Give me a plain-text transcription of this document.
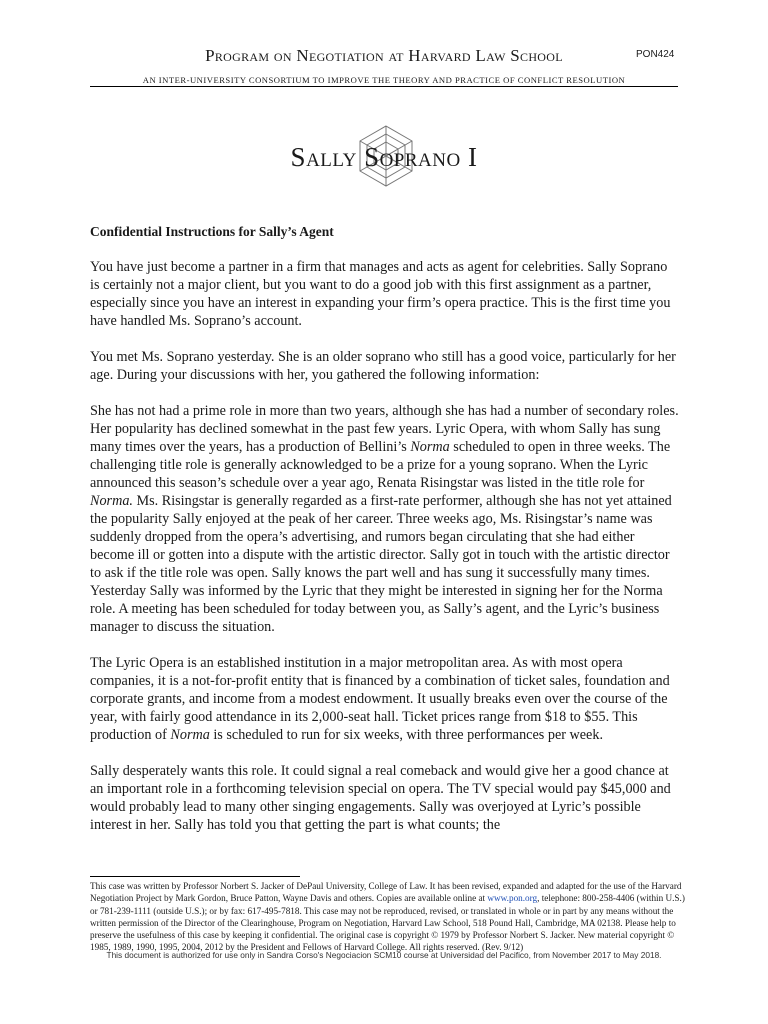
Program on Negotiation at Harvard Law School	PON424
AN INTER-UNIVERSITY CONSORTIUM TO IMPROVE THE THEORY AND PRACTICE OF CONFLICT RESOLUTION
Sally Soprano I
Confidential Instructions for Sally’s Agent

You have just become a partner in a firm that manages and acts as agent for celebrities. Sally Soprano is certainly not a major client, but you want to do a good job with this first assignment as a partner, especially since you have an interest in expanding your firm’s opera practice. This is the first time you have handled Ms. Soprano’s account.

You met Ms. Soprano yesterday. She is an older soprano who still has a good voice, particularly for her age. During your discussions with her, you gathered the following information:

She has not had a prime role in more than two years, although she has had a number of secondary roles. Her popularity has declined somewhat in the past few years. Lyric Opera, with whom Sally has sung many times over the years, has a production of Bellini’s Norma scheduled to open in three weeks. The challenging title role is generally acknowledged to be a prize for a young soprano. When the Lyric announced this season’s schedule over a year ago, Renata Risingstar was listed in the title role for Norma. Ms. Risingstar is generally regarded as a first-rate performer, although she has not yet attained the popularity Sally enjoyed at the peak of her career. Three weeks ago, Ms. Risingstar’s name was suddenly dropped from the opera’s advertising, and rumors began circulating that she had either become ill or gotten into a dispute with the artistic director. Sally got in touch with the artistic director to ask if the title role was open. Sally knows the part well and has sung it successfully many times. Yesterday Sally was informed by the Lyric that they might be interested in signing her for the Norma role. A meeting has been scheduled for today between you, as Sally’s agent, and the Lyric’s business manager to discuss the situation.

The Lyric Opera is an established institution in a major metropolitan area. As with most opera companies, it is a not-for-profit entity that is financed by a combination of ticket sales, foundation and corporate grants, and income from a modest endowment. It usually breaks even over the course of the year, with fairly good attendance in its 2,000-seat hall. Ticket prices range from $18 to $55. This production of Norma is scheduled to run for six weeks, with three performances per week.

Sally desperately wants this role. It could signal a real comeback and would give her a good chance at an important role in a forthcoming television special on opera. The TV special would pay $45,000 and would probably lead to many other singing engagements. Sally was overjoyed at Lyric’s possible interest in her. Sally has told you that getting the part is what counts; the

This case was written by Professor Norbert S. Jacker of DePaul University, College of Law. It has been revised, expanded and adapted for the use of the Harvard Negotiation Project by Mark Gordon, Bruce Patton, Wayne Davis and others. Copies are available online at www.pon.org, telephone: 800-258-4406 (within U.S.) or 781-239-1111 (outside U.S.); or by fax: 617-495-7818. This case may not be reproduced, revised, or translated in whole or in part by any means without the written permission of the Director of the Clearinghouse, Program on Negotiation, Harvard Law School, 518 Pound Hall, Cambridge, MA 02138. Please help to preserve the usefulness of this case by keeping it confidential. The original case is copyright © 1979 by Professor Norbert S. Jacker. New material copyright © 1985, 1989, 1990, 1995, 2004, 2012 by the President and Fellows of Harvard College. All rights reserved. (Rev. 9/12)
This document is authorized for use only in Sandra Corso's Negociacion SCM10 course at Universidad del Pacifico, from November 2017 to May 2018.
